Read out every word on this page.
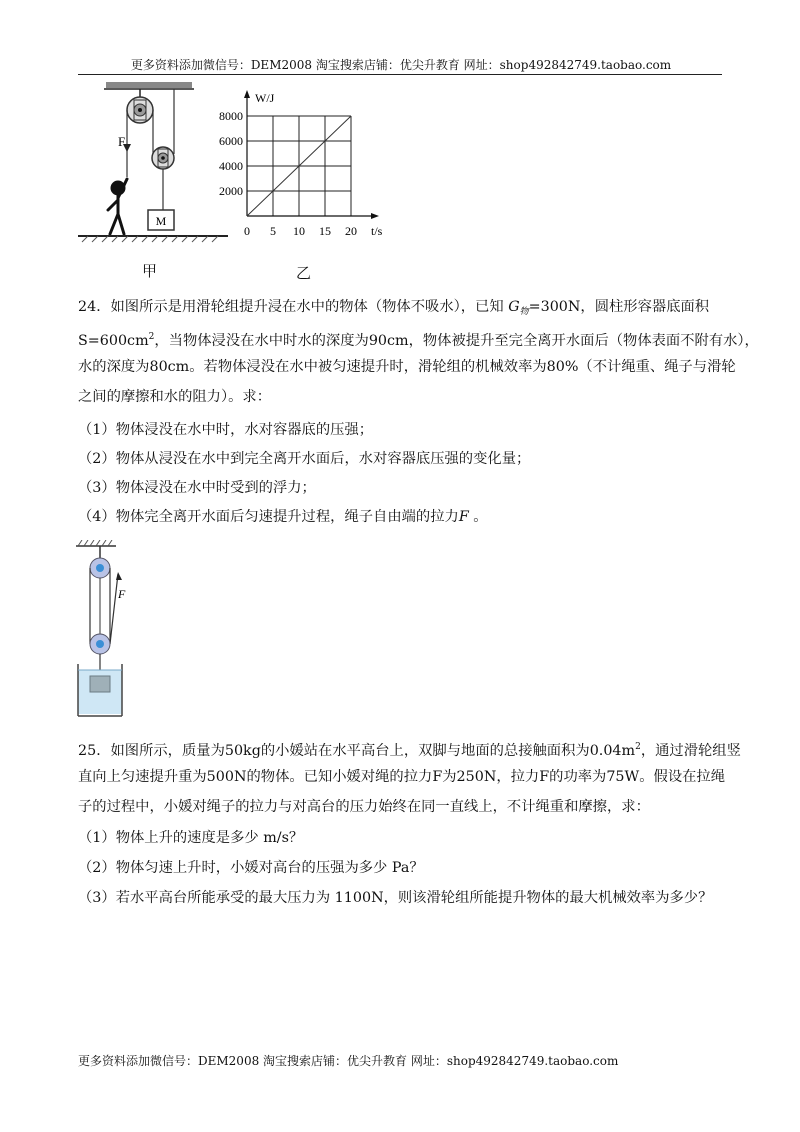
更多资料添加微信号：DEM2008 淘宝搜索店铺：优尖升教育 网址：shop492842749.taobao.com
M
F
甲
0 5 10 15 20
2000
4000
6000
8000
t/s
W/J
乙
24．如图所示是用滑轮组提升浸在水中的物体（物体不吸水），已知 $G_物=300N$，圆柱形容器底面积
$S=600cm^2$，当物体浸没在水中时水的深度为90cm，物体被提升至完全离开水面后（物体表面不附有水），
水的深度为80cm。若物体浸没在水中被匀速提升时，滑轮组的机械效率为80%（不计绳重、绳子与滑轮
之间的摩擦和水的阻力）。求：
（1）物体浸没在水中时，水对容器底的压强；
（2）物体从浸没在水中到完全离开水面后，水对容器底压强的变化量；
（3）物体浸没在水中时受到的浮力；
（4）物体完全离开水面后匀速提升过程，绳子自由端的拉力F 。
F
25．如图所示，质量为50kg的小媛站在水平高台上，双脚与地面的总接触面积为$0.04m^2$，通过滑轮组竖
直向上匀速提升重为500N的物体。已知小媛对绳的拉力F为250N，拉力F的功率为75W。假设在拉绳
子的过程中，小媛对绳子的拉力与对高台的压力始终在同一直线上，不计绳重和摩擦，求：
（1）物体上升的速度是多少 m/s？
（2）物体匀速上升时，小媛对高台的压强为多少 Pa？
（3）若水平高台所能承受的最大压力为 1100N，则该滑轮组所能提升物体的最大机械效率为多少？
更多资料添加微信号：DEM2008 淘宝搜索店铺：优尖升教育 网址：shop492842749.taobao.com
